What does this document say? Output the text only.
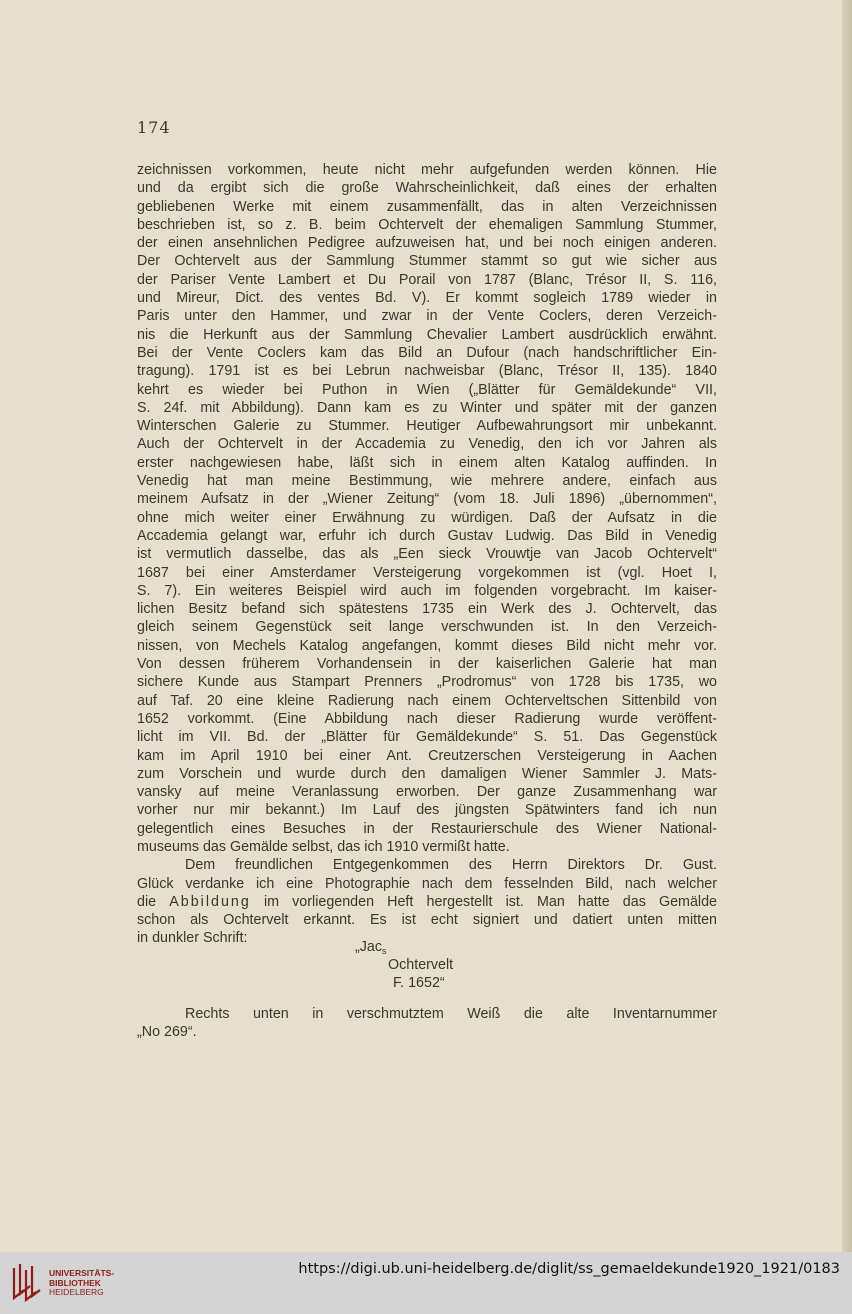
174
zeichnissen vorkommen, heute nicht mehr aufgefunden werden können. Hie
und da ergibt sich die große Wahrscheinlichkeit, daß eines der erhalten
gebliebenen Werke mit einem zusammenfällt, das in alten Verzeichnissen
beschrieben ist, so z. B. beim Ochtervelt der ehemaligen Sammlung Stummer,
der einen ansehnlichen Pedigree aufzuweisen hat, und bei noch einigen anderen.
Der Ochtervelt aus der Sammlung Stummer stammt so gut wie sicher aus
der Pariser Vente Lambert et Du Porail von 1787 (Blanc, Trésor II, S. 116,
und Mireur, Dict. des ventes Bd. V). Er kommt sogleich 1789 wieder in
Paris unter den Hammer, und zwar in der Vente Coclers, deren Verzeich-
nis die Herkunft aus der Sammlung Chevalier Lambert ausdrücklich erwähnt.
Bei der Vente Coclers kam das Bild an Dufour (nach handschriftlicher Ein-
tragung). 1791 ist es bei Lebrun nachweisbar (Blanc, Trésor II, 135). 1840
kehrt es wieder bei Puthon in Wien („Blätter für Gemäldekunde“ VII,
S. 24f. mit Abbildung). Dann kam es zu Winter und später mit der ganzen
Winterschen Galerie zu Stummer. Heutiger Aufbewahrungsort mir unbekannt.
Auch der Ochtervelt in der Accademia zu Venedig, den ich vor Jahren als
erster nachgewiesen habe, läßt sich in einem alten Katalog auffinden. In
Venedig hat man meine Bestimmung, wie mehrere andere, einfach aus
meinem Aufsatz in der „Wiener Zeitung“ (vom 18. Juli 1896) „übernommen“,
ohne mich weiter einer Erwähnung zu würdigen. Daß der Aufsatz in die
Accademia gelangt war, erfuhr ich durch Gustav Ludwig. Das Bild in Venedig
ist vermutlich dasselbe, das als „Een sieck Vrouwtje van Jacob Ochtervelt“
1687 bei einer Amsterdamer Versteigerung vorgekommen ist (vgl. Hoet I,
S. 7). Ein weiteres Beispiel wird auch im folgenden vorgebracht. Im kaiser-
lichen Besitz befand sich spätestens 1735 ein Werk des J. Ochtervelt, das
gleich seinem Gegenstück seit lange verschwunden ist. In den Verzeich-
nissen, von Mechels Katalog angefangen, kommt dieses Bild nicht mehr vor.
Von dessen früherem Vorhandensein in der kaiserlichen Galerie hat man
sichere Kunde aus Stampart Prenners „Prodromus“ von 1728 bis 1735, wo
auf Taf. 20 eine kleine Radierung nach einem Ochterveltschen Sittenbild von
1652 vorkommt. (Eine Abbildung nach dieser Radierung wurde veröffent-
licht im VII. Bd. der „Blätter für Gemäldekunde“ S. 51. Das Gegenstück
kam im April 1910 bei einer Ant. Creutzerschen Versteigerung in Aachen
zum Vorschein und wurde durch den damaligen Wiener Sammler J. Mats-
vansky auf meine Veranlassung erworben. Der ganze Zusammenhang war
vorher nur mir bekannt.) Im Lauf des jüngsten Spätwinters fand ich nun
gelegentlich eines Besuches in der Restaurierschule des Wiener National-
museums das Gemälde selbst, das ich 1910 vermißt hatte.
Dem freundlichen Entgegenkommen des Herrn Direktors Dr. Gust.
Glück verdanke ich eine Photographie nach dem fesselnden Bild, nach welcher
die Abbildung im vorliegenden Heft hergestellt ist. Man hatte das Gemälde
schon als Ochtervelt erkannt. Es ist echt signiert und datiert unten mitten
in dunkler Schrift:
„Jac$_s$
Ochtervelt
F. 1652“
Rechts unten in verschmutztem Weiß die alte Inventarnummer
„No 269“.
UNIVERSITÄTS-
BIBLIOTHEK
HEIDELBERG
https://digi.ub.uni-heidelberg.de/diglit/ss_gemaeldekunde1920_1921/0183
